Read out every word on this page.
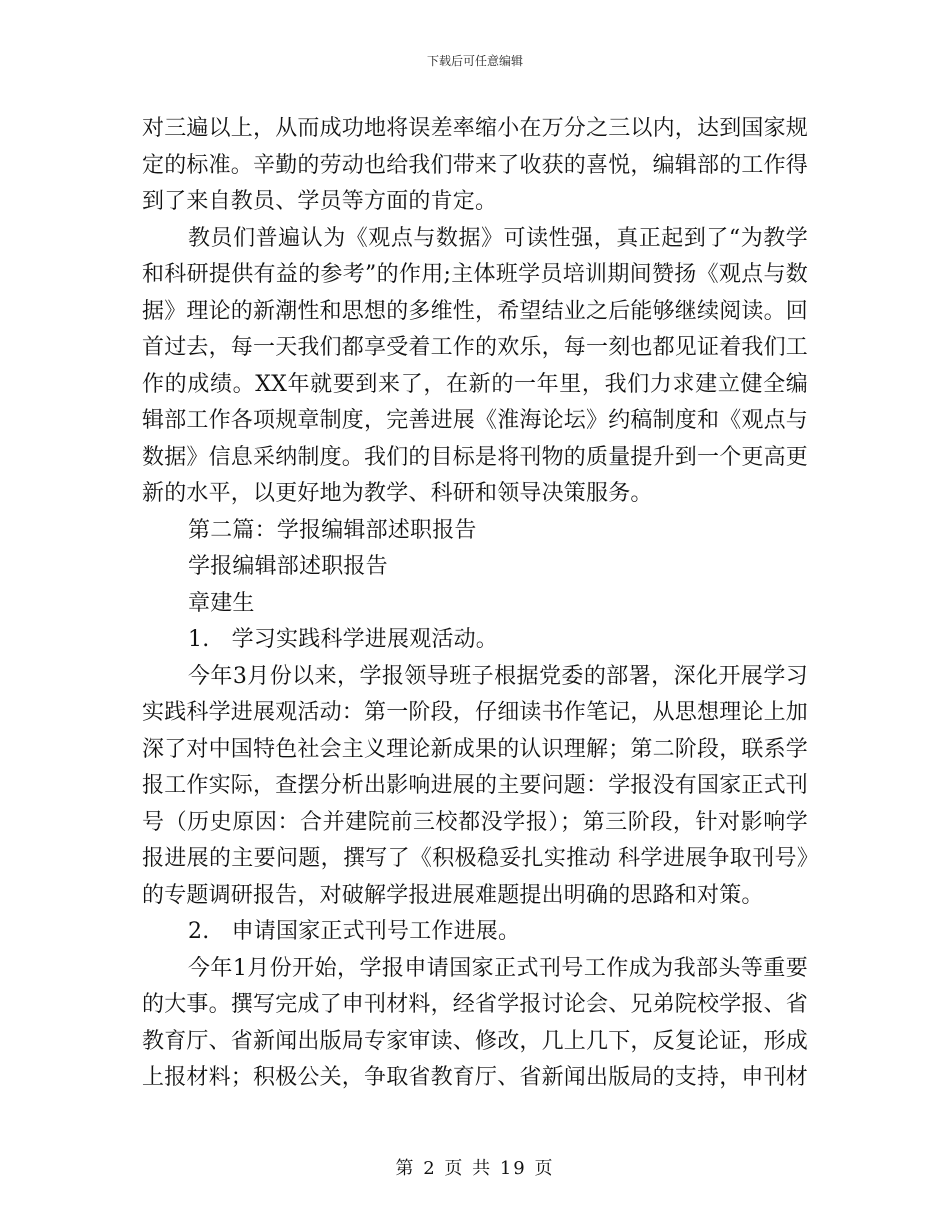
下载后可任意编辑

对三遍以上，从而成功地将误差率缩小在万分之三以内，达到国家规定的标准。辛勤的劳动也给我们带来了收获的喜悦，编辑部的工作得到了来自教员、学员等方面的肯定。

教员们普遍认为《观点与数据》可读性强，真正起到了“为教学和科研提供有益的参考”的作用;主体班学员培训期间赞扬《观点与数据》理论的新潮性和思想的多维性，希望结业之后能够继续阅读。回首过去，每一天我们都享受着工作的欢乐，每一刻也都见证着我们工作的成绩。XX年就要到来了，在新的一年里，我们力求建立健全编辑部工作各项规章制度，完善进展《淮海论坛》约稿制度和《观点与数据》信息采纳制度。我们的目标是将刊物的质量提升到一个更高更新的水平，以更好地为教学、科研和领导决策服务。

第二篇：学报编辑部述职报告

学报编辑部述职报告

章建生

1.　学习实践科学进展观活动。

今年3月份以来，学报领导班子根据党委的部署，深化开展学习实践科学进展观活动：第一阶段，仔细读书作笔记，从思想理论上加深了对中国特色社会主义理论新成果的认识理解；第二阶段，联系学报工作实际，查摆分析出影响进展的主要问题：学报没有国家正式刊号（历史原因：合并建院前三校都没学报）；第三阶段，针对影响学报进展的主要问题，撰写了《积极稳妥扎实推动 科学进展争取刊号》的专题调研报告，对破解学报进展难题提出明确的思路和对策。

2.　申请国家正式刊号工作进展。

今年1月份开始，学报申请国家正式刊号工作成为我部头等重要的大事。撰写完成了申刊材料，经省学报讨论会、兄弟院校学报、省教育厅、省新闻出版局专家审读、修改，几上几下，反复论证，形成上报材料；积极公关，争取省教育厅、省新闻出版局的支持，申刊材

第 2 页 共 19 页
